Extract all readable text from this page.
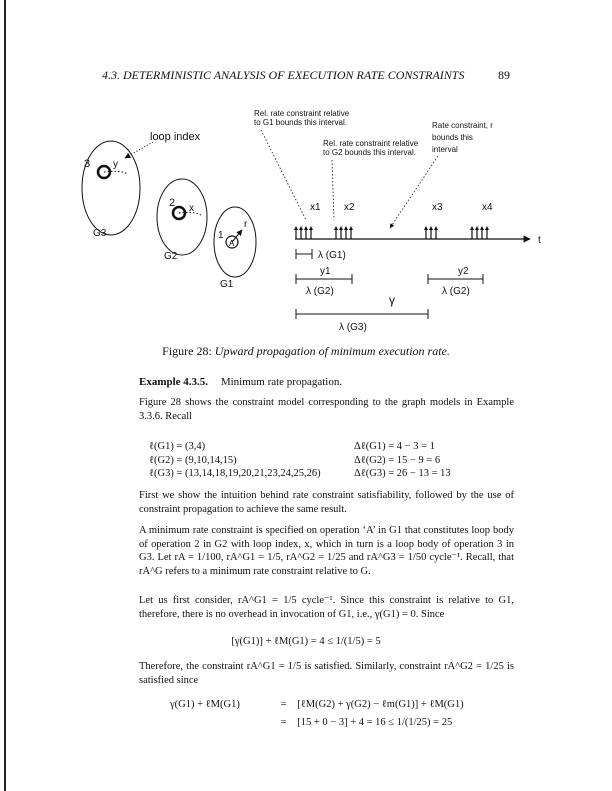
4.3. DETERMINISTIC ANALYSIS OF EXECUTION RATE CONSTRAINTS	89
loop index
3 y
2 x
1
A
r
G3
G2
G1
Rel. rate constraint relative
to G1 bounds this interval.
Rel. rate constraint relative
to G2 bounds this interval.
Rate constraint, r
bounds this
interval
x1 x2	x3	x4
t
λ (G1)
y1
λ (G2)
y2
λ (G2)
γ
λ (G3)
Figure 28: Upward propagation of minimum execution rate.
Example 4.3.5. Minimum rate propagation.
Figure 28 shows the constraint model corresponding to the graph models in Example 3.3.6. Recall
ℓ(G1) = (3,4)	Δℓ(G1) = 4 − 3 = 1
ℓ(G2) = (9,10,14,15)	Δℓ(G2) = 15 − 9 = 6
ℓ(G3) = (13,14,18,19,20,21,23,24,25,26)	Δℓ(G3) = 26 − 13 = 13
First we show the intuition behind rate constraint satisfiability, followed by the use of constraint propagation to achieve the same result.
A minimum rate constraint is specified on operation ‘A’ in G1 that constitutes loop body of operation 2 in G2 with loop index, x, which in turn is a loop body of operation 3 in G3. Let rA = 1/100, rA^G1 = 1/5, rA^G2 = 1/25 and rA^G3 = 1/50 cycle⁻¹. Recall, that rA^G refers to a minimum rate constraint relative to G.
Let us first consider, rA^G1 = 1/5 cycle⁻¹. Since this constraint is relative to G1, therefore, there is no overhead in invocation of G1, i.e., γ(G1) = 0. Since
[γ(G1)] + ℓM(G1) = 4 ≤ 1/(1/5) = 5
Therefore, the constraint rA^G1 = 1/5 is satisfied. Similarly, constraint rA^G2 = 1/25 is satisfied since
γ(G1) + ℓM(G1)	= [ℓM(G2) + γ(G2) − ℓm(G1)] + ℓM(G1)
= [15 + 0 − 3] + 4 = 16 ≤ 1/(1/25) = 25
